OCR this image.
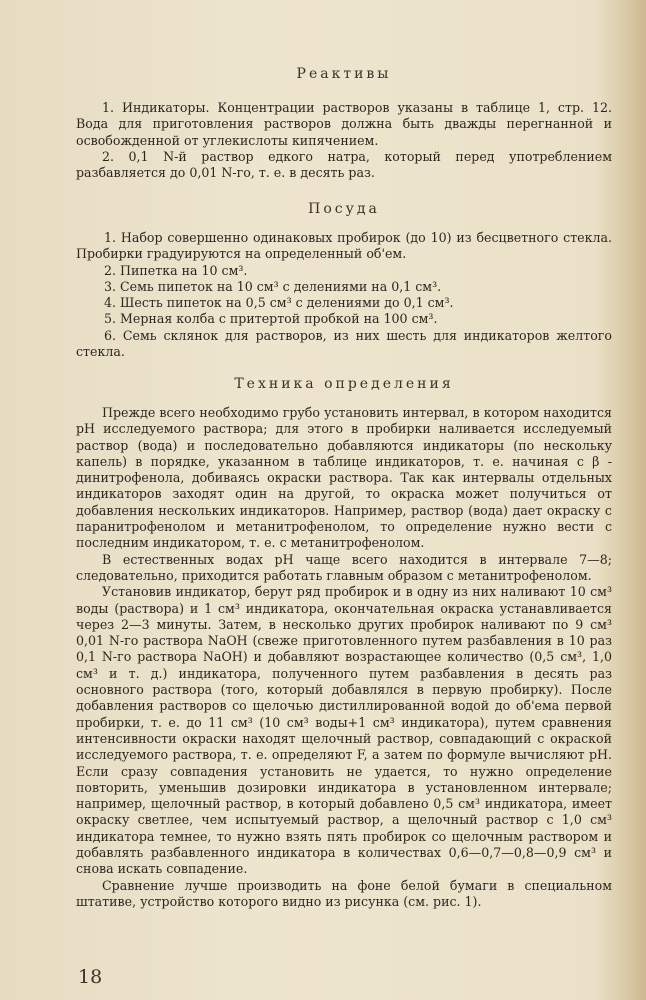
Реактивы

1. Индикаторы. Концентрации растворов указаны в таблице 1, стр. 12. Вода для приготовления растворов должна быть дважды перегнанной и освобожденной от углекислоты кипячением.

2. 0,1 N-й раствор едкого натра, который перед употреблением разбавляется до 0,01 N-го, т. е. в десять раз.

Посуда

1. Набор совершенно одинаковых пробирок (до 10) из бесцветного стекла. Пробирки градуируются на определенный об'ем.

2. Пипетка на 10 см³.

3. Семь пипеток на 10 см³ с делениями на 0,1 см³.

4. Шесть пипеток на 0,5 см³ с делениями до 0,1 см³.

5. Мерная колба с притертой пробкой на 100 см³.

6. Семь склянок для растворов, из них шесть для индикаторов желтого стекла.

Техника определения

Прежде всего необходимо грубо установить интервал, в котором находится pH исследуемого раствора; для этого в пробирки наливается исследуемый раствор (вода) и последовательно добавляются индикаторы (по нескольку капель) в порядке, указанном в таблице индикаторов, т. е. начиная с β - динитрофенола, добиваясь окраски раствора. Так как интервалы отдельных индикаторов заходят один на другой, то окраска может получиться от добавления нескольких индикаторов. Например, раствор (вода) дает окраску с паранитрофенолом и метанитрофенолом, то определение нужно вести с последним индикатором, т. е. с метанитрофенолом.

В естественных водах pH чаще всего находится в интервале 7—8; следовательно, приходится работать главным образом с метанитрофенолом.

Установив индикатор, берут ряд пробирок и в одну из них наливают 10 см³ воды (раствора) и 1 см³ индикатора, окончательная окраска устанавливается через 2—3 минуты. Затем, в несколько других пробирок наливают по 9 см³ 0,01 N-го раствора NaOH (свеже приготовленного путем разбавления в 10 раз 0,1 N-го раствора NaOH) и добавляют возрастающее количество (0,5 см³, 1,0 см³ и т. д.) индикатора, полученного путем разбавления в десять раз основного раствора (того, который добавлялся в первую пробирку). После добавления растворов со щелочью дистиллированной водой до об'ема первой пробирки, т. е. до 11 см³ (10 см³ воды+1 см³ индикатора), путем сравнения интенсивности окраски находят щелочный раствор, совпадающий с окраской исследуемого раствора, т. е. определяют F, а затем по формуле вычисляют pH. Если сразу совпадения установить не удается, то нужно определение повторить, уменьшив дозировки индикатора в установленном интервале; например, щелочный раствор, в который добавлено 0,5 см³ индикатора, имеет окраску светлее, чем испытуемый раствор, а щелочный раствор с 1,0 см³ индикатора темнее, то нужно взять пять пробирок со щелочным раствором и добавлять разбавленного индикатора в количествах 0,6—0,7—0,8—0,9 см³ и снова искать совпадение.

Сравнение лучше производить на фоне белой бумаги в специальном штативе, устройство которого видно из рисунка (см. рис. 1).

18
